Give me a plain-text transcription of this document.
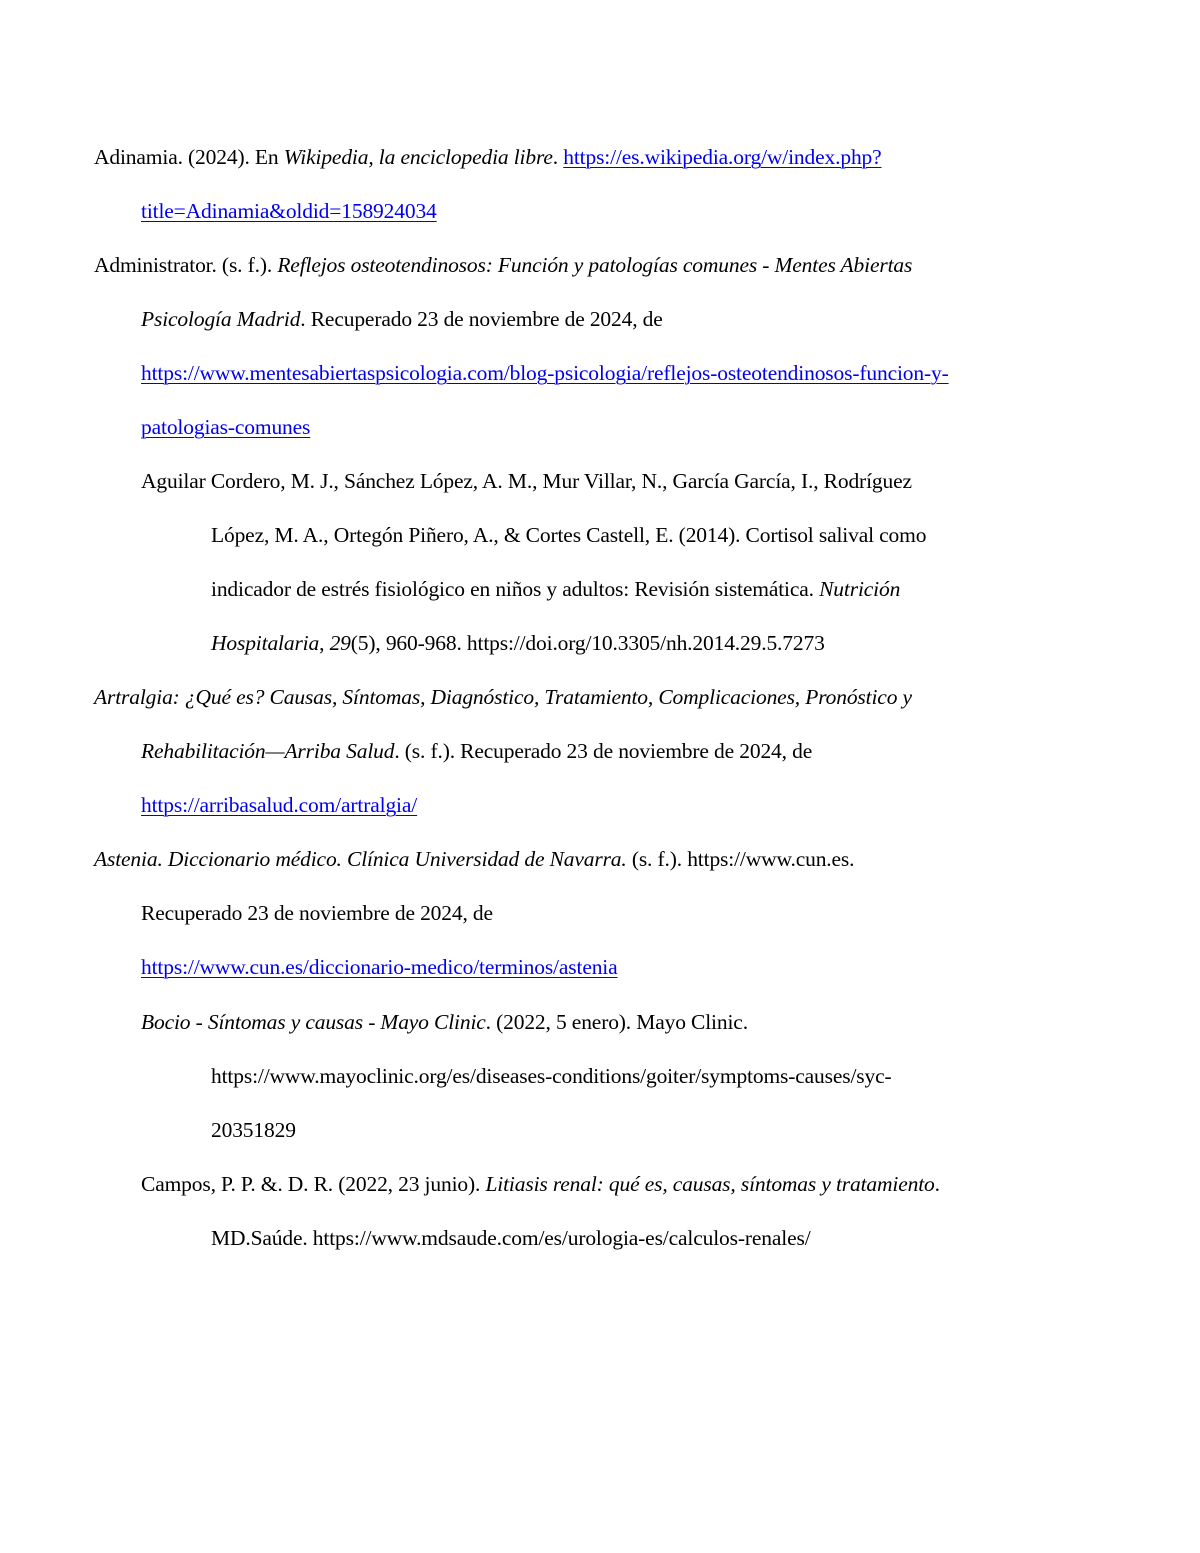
Adinamia. (2024). En Wikipedia, la enciclopedia libre. https://es.wikipedia.org/w/index.php?
title=Adinamia&oldid=158924034
Administrator. (s. f.). Reflejos osteotendinosos: Función y patologías comunes - Mentes Abiertas
Psicología Madrid. Recuperado 23 de noviembre de 2024, de
https://www.mentesabiertaspsicologia.com/blog-psicologia/reflejos-osteotendinosos-funcion-y-
patologias-comunes
Aguilar Cordero, M. J., Sánchez López, A. M., Mur Villar, N., García García, I., Rodríguez
López, M. A., Ortegón Piñero, A., & Cortes Castell, E. (2014). Cortisol salival como
indicador de estrés fisiológico en niños y adultos: Revisión sistemática. Nutrición
Hospitalaria, 29(5), 960-968. https://doi.org/10.3305/nh.2014.29.5.7273
Artralgia: ¿Qué es? Causas, Síntomas, Diagnóstico, Tratamiento, Complicaciones, Pronóstico y
Rehabilitación—Arriba Salud. (s. f.). Recuperado 23 de noviembre de 2024, de
https://arribasalud.com/artralgia/
Astenia. Diccionario médico. Clínica Universidad de Navarra. (s. f.). https://www.cun.es.
Recuperado 23 de noviembre de 2024, de
https://www.cun.es/diccionario-medico/terminos/astenia
Bocio - Síntomas y causas - Mayo Clinic. (2022, 5 enero). Mayo Clinic.
https://www.mayoclinic.org/es/diseases-conditions/goiter/symptoms-causes/syc-
20351829
Campos, P. P. &. D. R. (2022, 23 junio). Litiasis renal: qué es, causas, síntomas y tratamiento.
MD.Saúde. https://www.mdsaude.com/es/urologia-es/calculos-renales/
